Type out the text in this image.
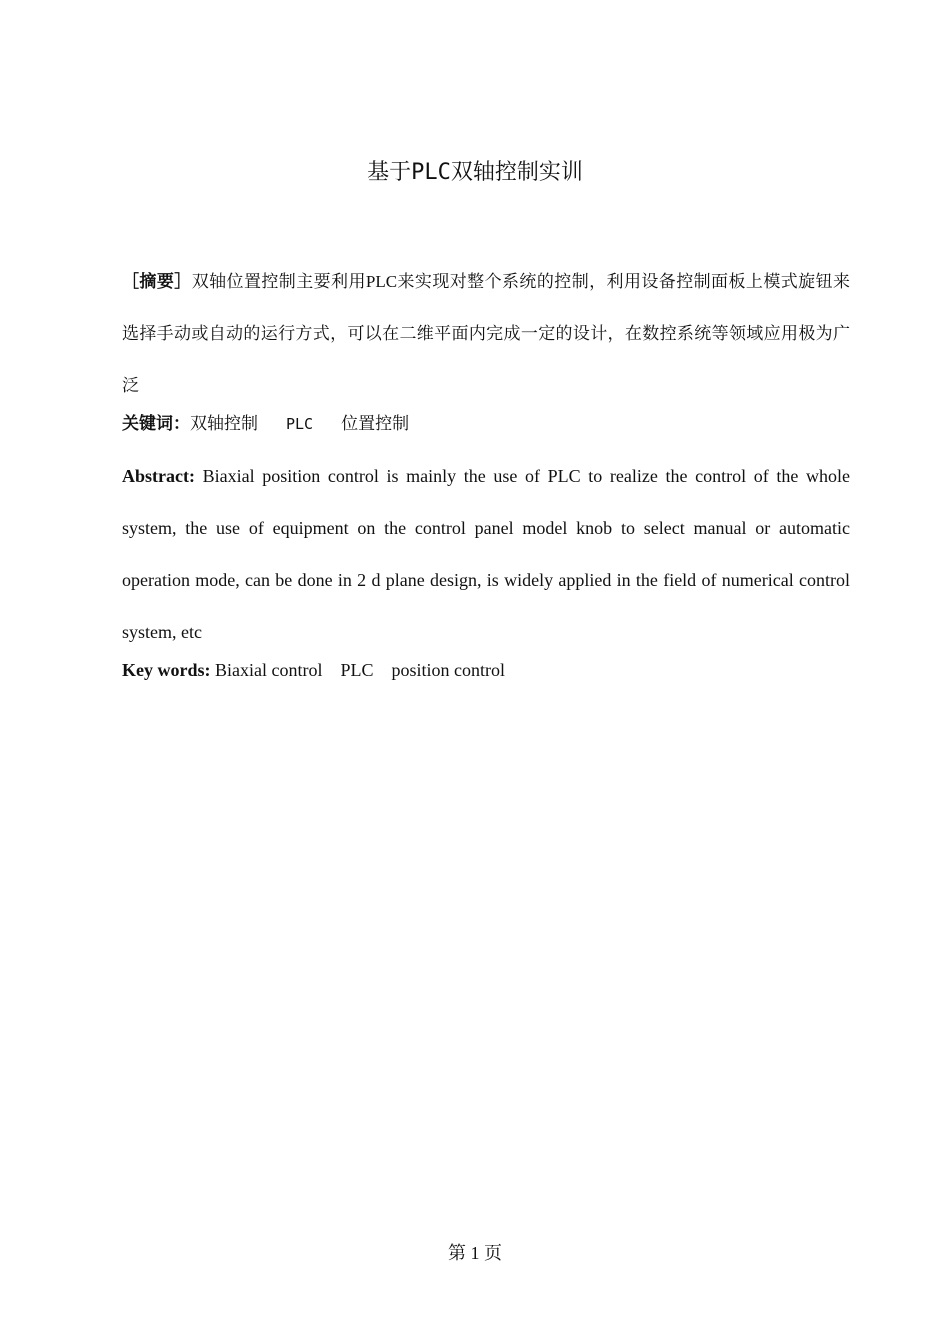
基于PLC双轴控制实训
［摘要］双轴位置控制主要利用PLC来实现对整个系统的控制，利用设备控制面板上模式旋钮来选择手动或自动的运行方式，可以在二维平面内完成一定的设计，在数控系统等领域应用极为广泛
关键词：双轴控制 PLC 位置控制
Abstract: Biaxial position control is mainly the use of PLC to realize the control of the whole system, the use of equipment on the control panel model knob to select manual or automatic operation mode, can be done in 2 d plane design, is widely applied in the field of numerical control system, etc
Key words: Biaxial control PLC position control
第 1 页
